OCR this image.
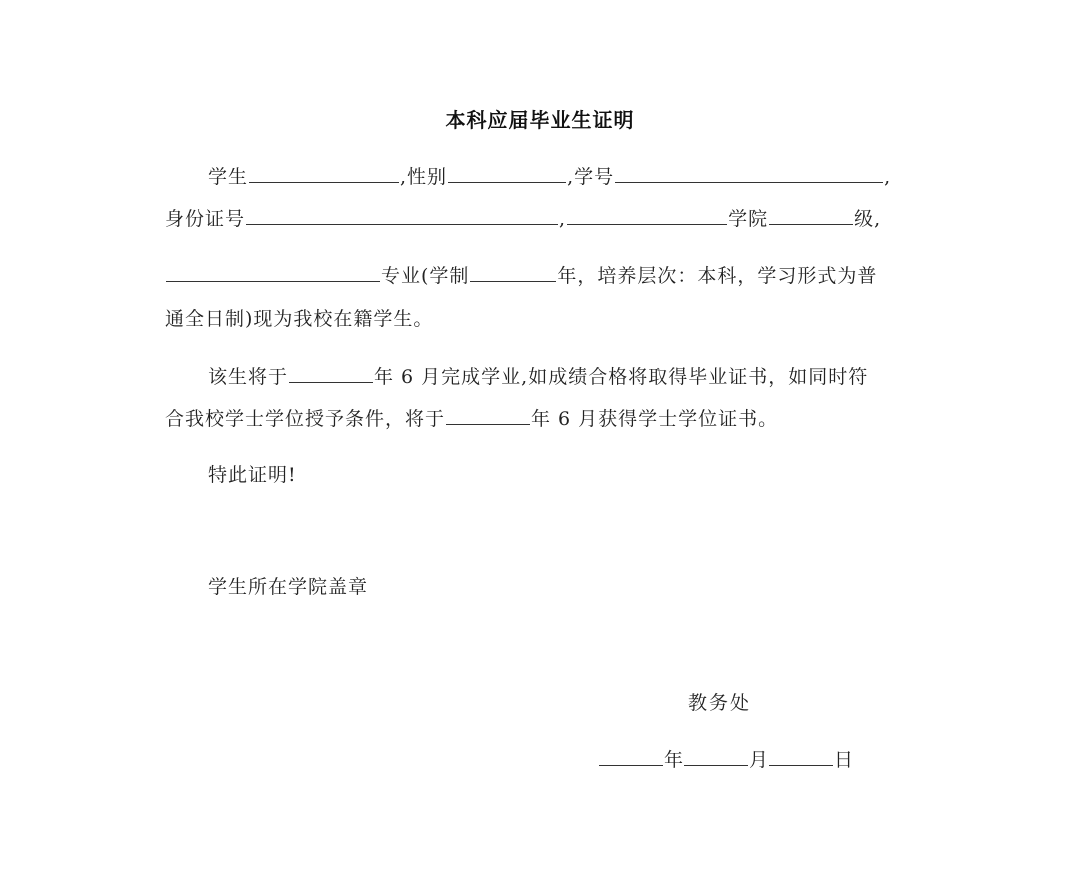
本科应届毕业生证明
学生	,性别	,学号	,
身份证号	,	学院	级,
专业(学制	年，培养层次：本科，学习形式为普
通全日制)现为我校在籍学生。
该生将于	年 6 月完成学业,如成绩合格将取得毕业证书，如同时符
合我校学士学位授予条件，将于	年 6 月获得学士学位证书。
特此证明!
学生所在学院盖章
教务处
年	月	日
